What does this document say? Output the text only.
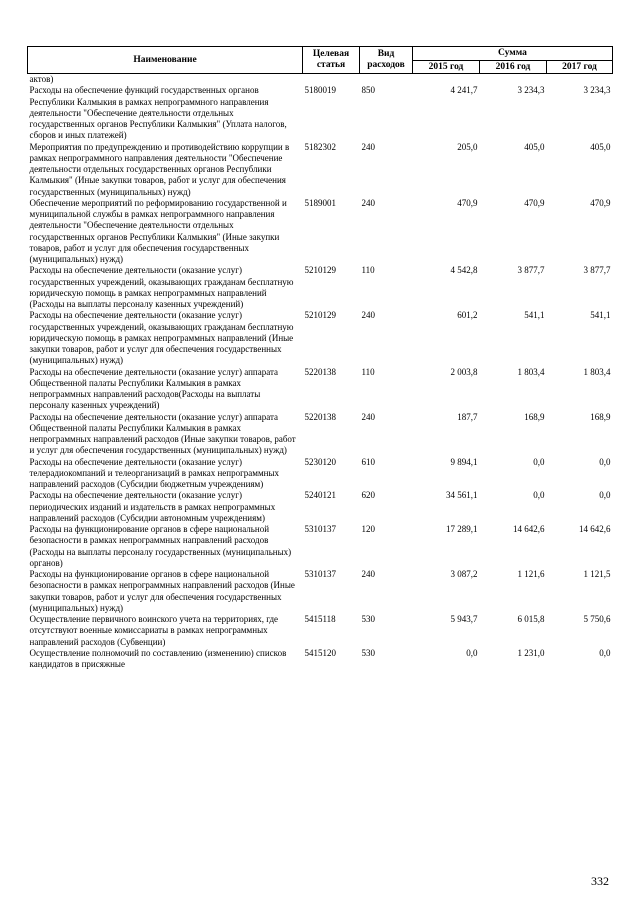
Наименование	Целевая статья	Вид расходов	Сумма		
			2015 год	2016 год	2017 год
актов)					
Расходы на обеспечение функций государственных органов Республики Калмыкия в рамках непрограммного направления деятельности "Обеспечение деятельности отдельных государственных органов Республики Калмыкия" (Уплата налогов, сборов и иных платежей)	5180019	850	4 241,7	3 234,3	3 234,3
Мероприятия по предупреждению и противодействию коррупции в рамках непрограммного направления деятельности "Обеспечение деятельности отдельных государственных органов Республики Калмыкия" (Иные закупки товаров, работ и услуг для обеспечения государственных (муниципальных) нужд)	5182302	240	205,0	405,0	405,0
Обеспечение мероприятий по реформированию государственной и муниципальной службы в рамках непрограммного направления деятельности "Обеспечение деятельности отдельных государственных органов Республики Калмыкия" (Иные закупки товаров, работ и услуг для обеспечения государственных (муниципальных) нужд)	5189001	240	470,9	470,9	470,9
Расходы на обеспечение деятельности (оказание услуг) государственных учреждений, оказывающих гражданам бесплатную юридическую помощь в рамках непрограммных направлений (Расходы на выплаты персоналу казенных учреждений)	5210129	110	4 542,8	3 877,7	3 877,7
Расходы на обеспечение деятельности (оказание услуг) государственных учреждений, оказывающих гражданам бесплатную юридическую помощь в рамках непрограммных направлений (Иные закупки товаров, работ и услуг для обеспечения государственных (муниципальных) нужд)	5210129	240	601,2	541,1	541,1
Расходы на обеспечение деятельности (оказание услуг) аппарата Общественной палаты Республики Калмыкия в рамках непрограммных направлений расходов(Расходы на выплаты персоналу казенных учреждений)	5220138	110	2 003,8	1 803,4	1 803,4
Расходы на обеспечение деятельности (оказание услуг) аппарата Общественной палаты Республики Калмыкия в рамках непрограммных направлений расходов (Иные закупки товаров, работ и услуг для обеспечения государственных (муниципальных) нужд)	5220138	240	187,7	168,9	168,9
Расходы на обеспечение деятельности (оказание услуг) телерадиокомпаний и телеорганизаций в рамках непрограммных направлений расходов (Субсидии бюджетным учреждениям)	5230120	610	9 894,1	0,0	0,0
Расходы на обеспечение деятельности (оказание услуг) периодических изданий и издательств в рамках непрограммных направлений расходов (Субсидии автономным учреждениям)	5240121	620	34 561,1	0,0	0,0
Расходы на функционирование органов в сфере национальной безопасности в рамках непрограммных направлений расходов (Расходы на выплаты персоналу государственных (муниципальных) органов)	5310137	120	17 289,1	14 642,6	14 642,6
Расходы на функционирование органов в сфере национальной безопасности в рамках непрограммных направлений расходов (Иные закупки товаров, работ и услуг для обеспечения государственных (муниципальных) нужд)	5310137	240	3 087,2	1 121,6	1 121,5
Осуществление первичного воинского учета на территориях, где отсутствуют военные комиссариаты в рамках непрограммных направлений расходов (Субвенции)	5415118	530	5 943,7	6 015,8	5 750,6
Осуществление полномочий по составлению (изменению) списков кандидатов в присяжные	5415120	530	0,0	1 231,0	0,0
332
